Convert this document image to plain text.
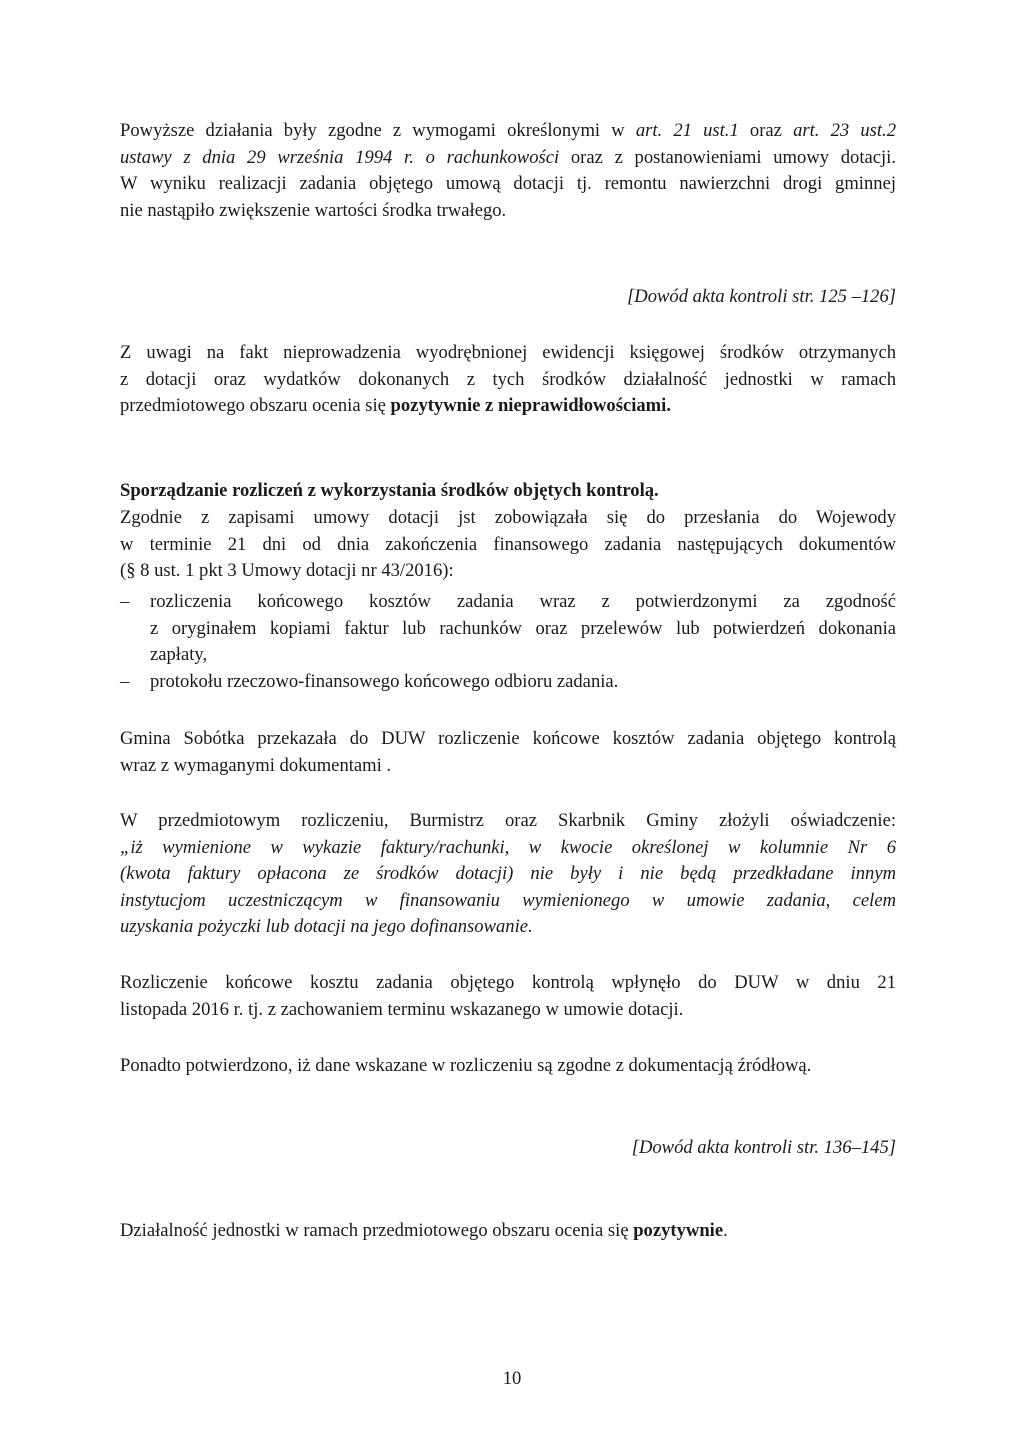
Powyższe działania były zgodne z wymogami określonymi w art. 21 ust.1 oraz art. 23 ust.2
ustawy z dnia 29 września 1994 r. o rachunkowości oraz z postanowieniami umowy dotacji.
W wyniku realizacji zadania objętego umową dotacji tj. remontu nawierzchni drogi gminnej
nie nastąpiło zwiększenie wartości środka trwałego.
[Dowód akta kontroli str. 125 –126]
Z uwagi na fakt nieprowadzenia wyodrębnionej ewidencji księgowej środków otrzymanych
z dotacji oraz wydatków dokonanych z tych środków działalność jednostki w ramach
przedmiotowego obszaru ocenia się pozytywnie z nieprawidłowościami.
Sporządzanie rozliczeń z wykorzystania środków objętych kontrolą.
Zgodnie z zapisami umowy dotacji jst zobowiązała się do przesłania do Wojewody
w terminie 21 dni od dnia zakończenia finansowego zadania następujących dokumentów
(§ 8 ust. 1 pkt 3 Umowy dotacji nr 43/2016):
– rozliczenia końcowego kosztów zadania wraz z potwierdzonymi za zgodność
z oryginałem kopiami faktur lub rachunków oraz przelewów lub potwierdzeń dokonania
zapłaty,
– protokołu rzeczowo-finansowego końcowego odbioru zadania.
Gmina Sobótka przekazała do DUW rozliczenie końcowe kosztów zadania objętego kontrolą
wraz z wymaganymi dokumentami .
W przedmiotowym rozliczeniu, Burmistrz oraz Skarbnik Gminy złożyli oświadczenie:
„iż wymienione w wykazie faktury/rachunki, w kwocie określonej w kolumnie Nr 6
(kwota faktury opłacona ze środków dotacji) nie były i nie będą przedkładane innym
instytucjom uczestniczącym w finansowaniu wymienionego w umowie zadania, celem
uzyskania pożyczki lub dotacji na jego dofinansowanie.
Rozliczenie końcowe kosztu zadania objętego kontrolą wpłynęło do DUW w dniu 21
listopada 2016 r. tj. z zachowaniem terminu wskazanego w umowie dotacji.
Ponadto potwierdzono, iż dane wskazane w rozliczeniu są zgodne z dokumentacją źródłową.
[Dowód akta kontroli str. 136–145]
Działalność jednostki w ramach przedmiotowego obszaru ocenia się pozytywnie.
10
